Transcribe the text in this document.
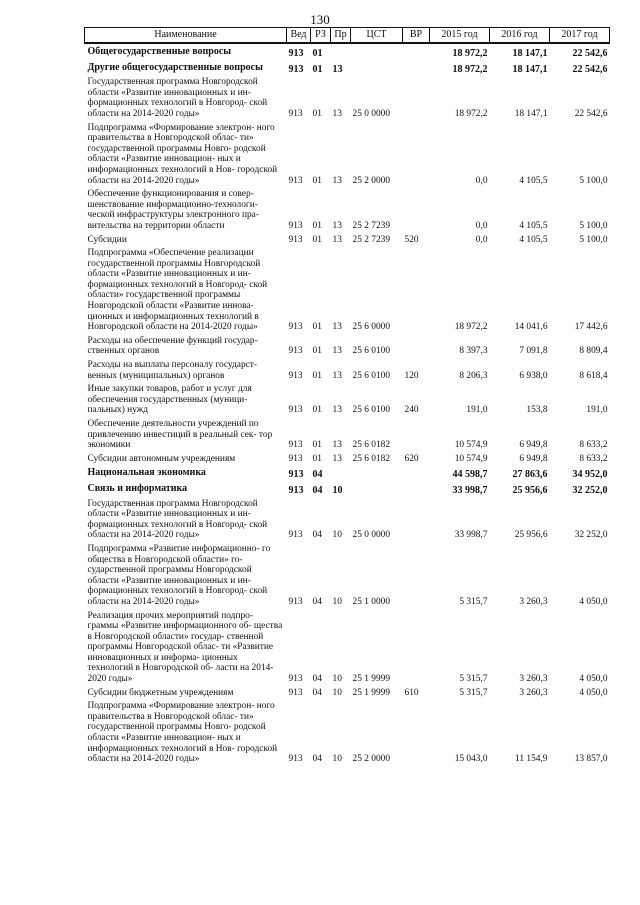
130
Наименование	Вед	РЗ	Пр	ЦСТ	ВР	2015 год	2016 год	2017 год
Общегосударственные вопросы	913	01				18 972,2	18 147,1	22 542,6
Другие общегосударственные вопросы	913	01	13			18 972,2	18 147,1	22 542,6
Государственная программа Новгородской области «Развитие инновационных и ин- формационных технологий в Новгород- ской области на 2014-2020 годы»	913	01	13	25 0 0000		18 972,2	18 147,1	22 542,6
Подпрограмма «Формирование электрон- ного правительства в Новгородской облас- ти» государственной программы Новго- родской области «Развитие инновацион- ных и информационных технологий в Нов- городской области на 2014-2020 годы»	913	01	13	25 2 0000		0,0	4 105,5	5 100,0
Обеспечение функционирования и совер- шенствование информационно-технологи- ческой инфраструктуры электронного пра- вительства на территории области	913	01	13	25 2 7239		0,0	4 105,5	5 100,0
Субсидии	913	01	13	25 2 7239	520	0,0	4 105,5	5 100,0
Подпрограмма «Обеспечение реализации государственной программы Новгородской области «Развитие инновационных и ин- формационных технологий в Новгород- ской области» государственной программы Новгородской области «Развитие иннова- ционных и информационных технологий в Новгородской области на 2014-2020 годы»	913	01	13	25 6 0000		18 972,2	14 041,6	17 442,6
Расходы на обеспечение функций государ- ственных органов	913	01	13	25 6 0100		8 397,3	7 091,8	8 809,4
Расходы на выплаты персоналу государст- венных (муниципальных) органов	913	01	13	25 6 0100	120	8 206,3	6 938,0	8 618,4
Иные закупки товаров, работ и услуг для обеспечения государственных (муници- пальных) нужд	913	01	13	25 6 0100	240	191,0	153,8	191,0
Обеспечение деятельности учреждений по привлечению инвестиций в реальный сек- тор экономики	913	01	13	25 6 0182		10 574,9	6 949,8	8 633,2
Субсидии автономным учреждениям	913	01	13	25 6 0182	620	10 574,9	6 949,8	8 633,2
Национальная экономика	913	04				44 598,7	27 863,6	34 952,0
Связь и информатика	913	04	10			33 998,7	25 956,6	32 252,0
Государственная программа Новгородской области «Развитие инновационных и ин- формационных технологий в Новгород- ской области на 2014-2020 годы»	913	04	10	25 0 0000		33 998,7	25 956,6	32 252,0
Подпрограмма «Развитие информационно- го общества в Новгородской области» го- сударственной программы Новгородской области «Развитие инновационных и ин- формационных технологий в Новгород- ской области на 2014-2020 годы»	913	04	10	25 1 0000		5 315,7	3 260,3	4 050,0
Реализация прочих мероприятий подпро- граммы «Развитие информационного об- щества в Новгородской области» государ- ственной программы Новгородской облас- ти «Развитие инновационных и информа- ционных технологий в Новгородской об- ласти на 2014-2020 годы»	913	04	10	25 1 9999		5 315,7	3 260,3	4 050,0
Субсидии бюджетным учреждениям	913	04	10	25 1 9999	610	5 315,7	3 260,3	4 050,0
Подпрограмма «Формирование электрон- ного правительства в Новгородской облас- ти» государственной программы Новго- родской области «Развитие инновацион- ных и информационных технологий в Нов- городской области на 2014-2020 годы»	913	04	10	25 2 0000		15 043,0	11 154,9	13 857,0
